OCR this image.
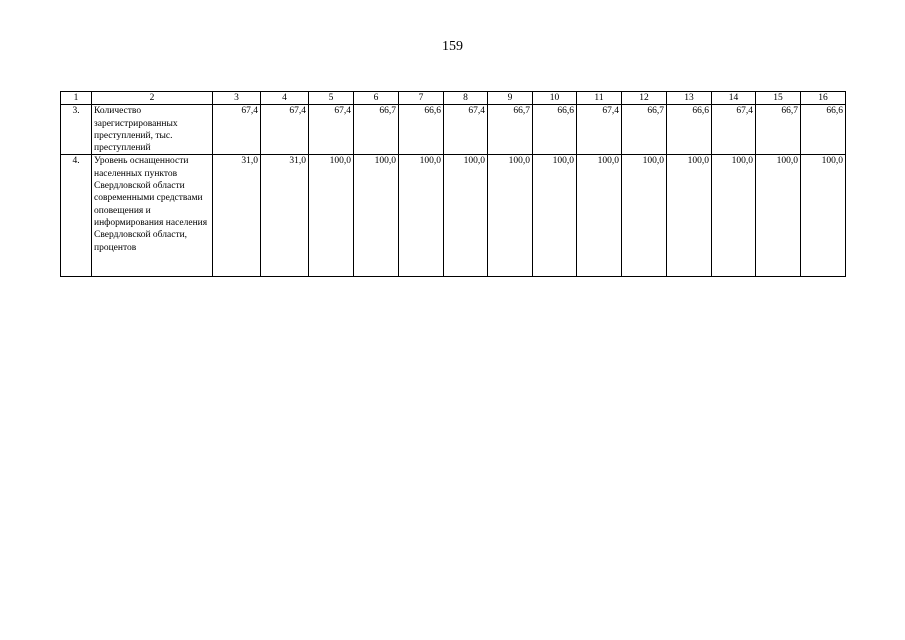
159
1	2	3	4	5	6	7	8	9	10	11	12	13	14	15	16
3.	Количество зарегистрированных преступлений, тыс. преступлений	67,4	67,4	67,4	66,7	66,6	67,4	66,7	66,6	67,4	66,7	66,6	67,4	66,7	66,6
4.	Уровень оснащенности населенных пунктов Свердловской области современными средствами оповещения и информирования населения Свердловской области, процентов	31,0	31,0	100,0	100,0	100,0	100,0	100,0	100,0	100,0	100,0	100,0	100,0	100,0	100,0
